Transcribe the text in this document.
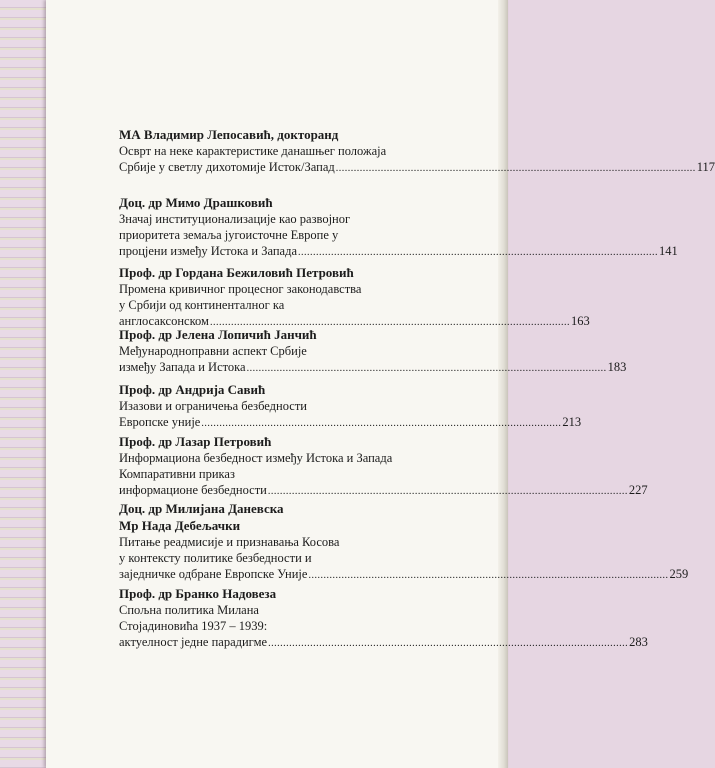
МА Владимир Лепосавић, докторанд
Осврт на неке карактеристике данашњег положаја
Србије у светлу дихотомије Исток/Запад ........................................................................................................................ 117
Доц. др Мимо Драшковић
Значај институционализације као развојног
приоритета земаља југоисточне Европе у
процјени између Истока и Запада ........................................................................................................................ 141
Проф. др Гордана Бежиловић Петровић
Промена кривичног процесног законодавства
у Србији од континенталног ка
англосаксонском ........................................................................................................................ 163
Проф. др Јелена Лопичић Јанчић
Међународноправни аспект Србије
између Запада и Истока ........................................................................................................................ 183
Проф. др Андрија Савић
Изазови и ограничења безбедности
Европске уније ........................................................................................................................ 213
Проф. др Лазар Петровић
Информациона безбедност између Истока и Запада
Компаративни приказ
информационе безбедности ........................................................................................................................ 227
Доц. др Милијана Даневска
Мр Нада Дебељачки
Питање реадмисије и признавања Косова
у контексту политике безбедности и
заједничке одбране Европске Уније ........................................................................................................................ 259
Проф. др Бранко Надовеза
Спољна политика Милана
Стојадиновића 1937 – 1939:
актуелност једне парадигме ........................................................................................................................ 283
